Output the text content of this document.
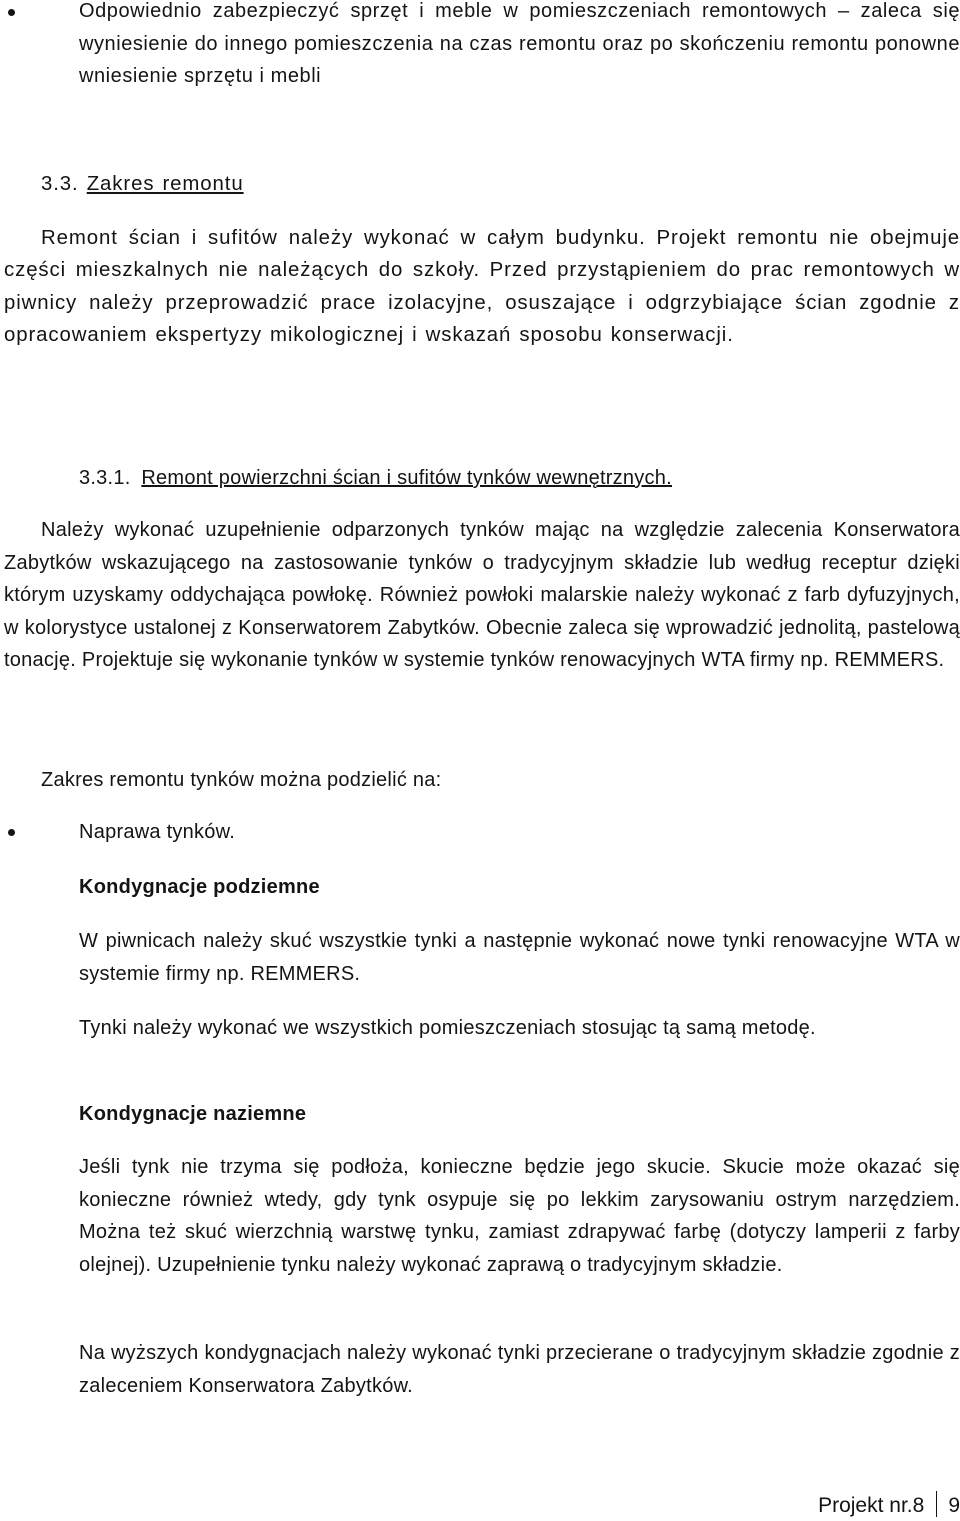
Odpowiednio zabezpieczyć sprzęt i meble w pomieszczeniach remontowych – zaleca się wyniesienie do innego pomieszczenia na czas remontu oraz po skończeniu remontu ponowne wniesienie sprzętu i mebli

3.3. Zakres remontu

Remont ścian i sufitów należy wykonać w całym budynku. Projekt remontu nie obejmuje części mieszkalnych nie należących do szkoły. Przed przystąpieniem do prac remontowych w piwnicy należy przeprowadzić prace izolacyjne, osuszające i odgrzybiające ścian zgodnie z opracowaniem ekspertyzy mikologicznej i wskazań sposobu konserwacji.

3.3.1. Remont powierzchni ścian i sufitów tynków wewnętrznych.

Należy wykonać uzupełnienie odparzonych tynków mając na względzie zalecenia Konserwatora Zabytków wskazującego na zastosowanie tynków o tradycyjnym składzie lub według receptur dzięki którym uzyskamy oddychająca powłokę. Również powłoki malarskie należy wykonać z farb dyfuzyjnych, w kolorystyce ustalonej z Konserwatorem Zabytków. Obecnie zaleca się wprowadzić jednolitą, pastelową tonację. Projektuje się wykonanie tynków w systemie tynków renowacyjnych WTA firmy np. REMMERS.

Zakres remontu tynków można podzielić na:

Naprawa tynków.

Kondygnacje podziemne

W piwnicach należy skuć wszystkie tynki a następnie wykonać nowe tynki renowacyjne WTA w systemie firmy np. REMMERS.

Tynki należy wykonać we wszystkich pomieszczeniach stosując tą samą metodę.

Kondygnacje naziemne

Jeśli tynk nie trzyma się podłoża, konieczne będzie jego skucie. Skucie może okazać się konieczne również wtedy, gdy tynk osypuje się po lekkim zarysowaniu ostrym narzędziem. Można też skuć wierzchnią warstwę tynku, zamiast zdrapywać farbę (dotyczy lamperii z farby olejnej). Uzupełnienie tynku należy wykonać zaprawą o tradycyjnym składzie.

Na wyższych kondygnacjach należy wykonać tynki przecierane o tradycyjnym składzie zgodnie z zaleceniem Konserwatora Zabytków.

Projekt nr.8 9
